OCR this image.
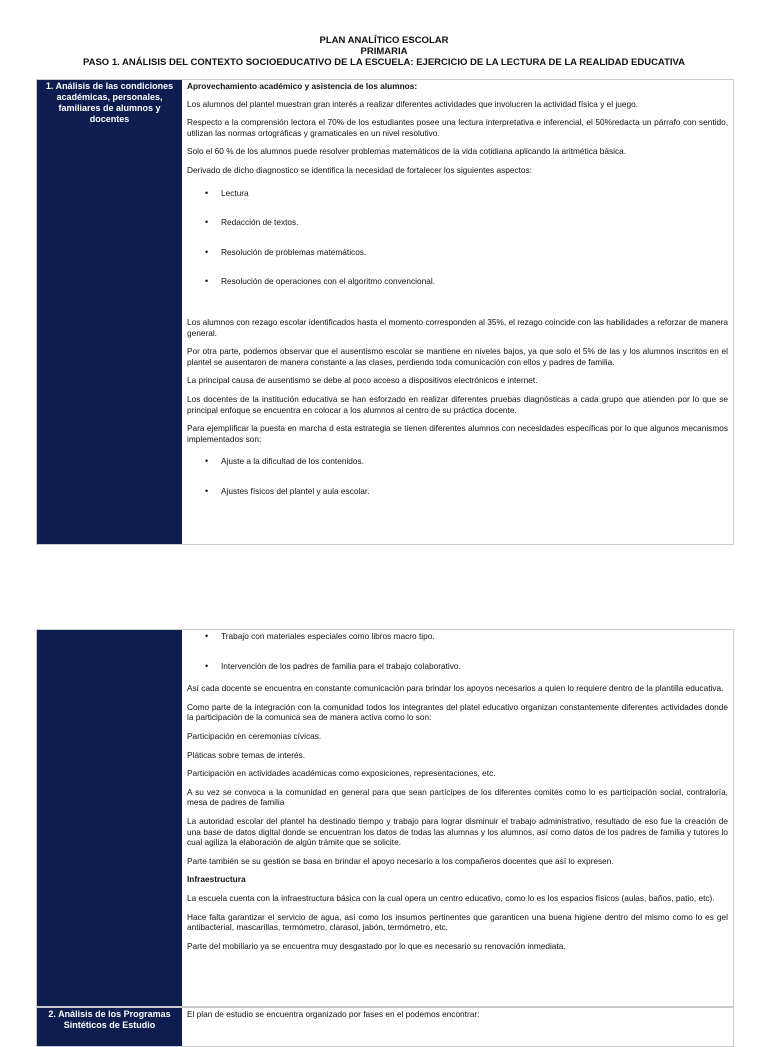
PLAN ANALÍTICO ESCOLAR
PRIMARIA
PASO 1. ANÁLISIS DEL CONTEXTO SOCIOEDUCATIVO DE LA ESCUELA: EJERCICIO DE LA LECTURA DE LA REALIDAD EDUCATIVA
1. Análisis de las condiciones académicas, personales, familiares de alumnos y docentes

Aprovechamiento académico y asistencia de los alumnos:

Los alumnos del plantel muestran gran interés a realizar diferentes actividades que involucren la actividad física y el juego.

Respecto a la comprensión lectora el 70% de los estudiantes posee una lectura interpretativa e inferencial, el 50%redacta un párrafo con sentido, utilizan las normas ortográficas y gramaticales en un nivel resolutivo.

Solo el 60 % de los alumnos puede resolver problemas matemáticos de la vida cotidiana aplicando la aritmética básica.

Derivado de dicho diagnostico se identifica la necesidad de fortalecer los siguientes aspectos:

• Lectura
• Redacción de textos.
• Resolución de problemas matemáticos.
• Resolución de operaciones con el algoritmo convencional.

Los alumnos con rezago escolar identificados hasta el momento corresponden al 35%, el rezago coincide con las habilidades a reforzar de manera general.

Por otra parte, podemos observar que el ausentismo escolar se mantiene en niveles bajos, ya que solo el 5% de las y los alumnos inscritos en el plantel se ausentaron de manera constante a las clases, perdiendo toda comunicación con ellos y padres de familia.

La principal causa de ausentismo se debe al poco acceso a dispositivos electrónicos e internet.

Los docentes de la institución educativa se han esforzado en realizar diferentes pruebas diagnósticas a cada grupo que atienden por lo que se principal enfoque se encuentra en colocar a los alumnos al centro de su práctica docente.

Para ejemplificar la puesta en marcha d esta estrategia se tienen diferentes alumnos con necesidades específicas por lo que algunos mecanismos implementados son:

• Ajuste a la dificultad de los contenidos.
• Ajustes físicos del plantel y aula escolar.
• Trabajo con materiales especiales como libros macro tipo.
• Intervención de los padres de familia para el trabajo colaborativo.

Así cada docente se encuentra en constante comunicación para brindar los apoyos necesarios a quien lo requiere dentro de la plantilla educativa.

Como parte de la integración con la comunidad todos los integrantes del platel educativo organizan constantemente diferentes actividades donde la participación de la comunica sea de manera activa como lo son:

Participación en ceremonias cívicas.

Pláticas sobre temas de interés.

Participación en actividades académicas como exposiciones, representaciones, etc.

A su vez se convoca a la comunidad en general para que sean partícipes de los diferentes comités como lo es participación social, contraloría, mesa de padres de familia

La autoridad escolar del plantel ha destinado tiempo y trabajo para lograr disminuir el trabajo administrativo, resultado de eso fue la creación de una base de datos digital donde se encuentran los datos de todas las alumnas y los alumnos, así como datos de los padres de familia y tutores lo cual agiliza la elaboración de algún trámite que se solicite.

Parte también se su gestión se basa en brindar el apoyo necesario a los compañeros docentes que así lo expresen.

Infraestructura

La escuela cuenta con la infraestructura básica con la cual opera un centro educativo, como lo es los espacios físicos (aulas, baños, patio, etc).

Hace falta garantizar el servicio de agua, así como los insumos pertinentes que garanticen una buena higiene dentro del mismo como lo es gel antibacterial, mascarillas, termómetro, clarasol, jabón, termómetro, etc.

Parte del mobiliario ya se encuentra muy desgastado por lo que es necesario su renovación inmediata.

2. Análisis de los Programas Sintéticos de Estudio

El plan de estudio se encuentra organizado por fases en el podemos encontrar:
